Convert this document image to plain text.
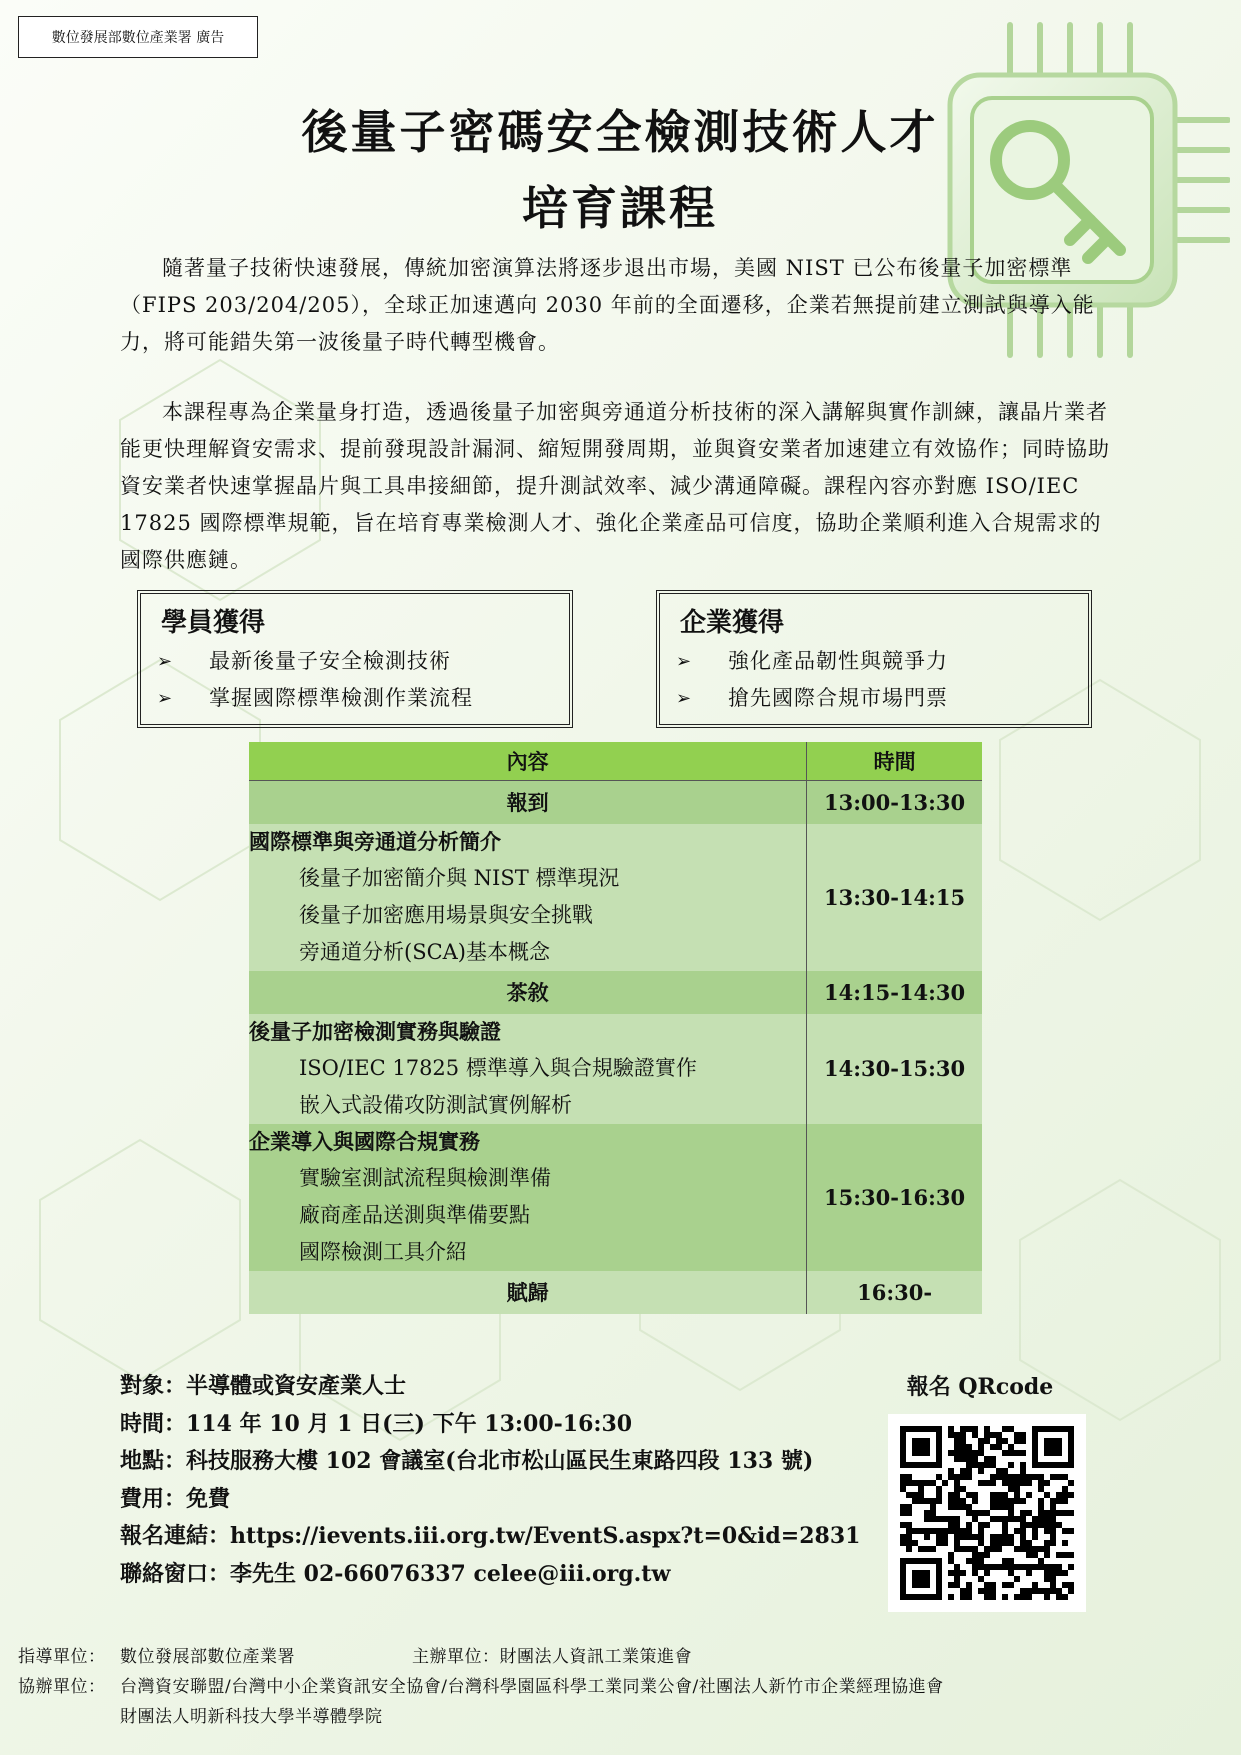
數位發展部數位產業署 廣告
後量子密碼安全檢測技術人才
培育課程

隨著量子技術快速發展，傳統加密演算法將逐步退出市場，美國 NIST 已公布後量子加密標準（FIPS 203/204/205），全球正加速邁向 2030 年前的全面遷移，企業若無提前建立測試與導入能力，將可能錯失第一波後量子時代轉型機會。

本課程專為企業量身打造，透過後量子加密與旁通道分析技術的深入講解與實作訓練，讓晶片業者能更快理解資安需求、提前發現設計漏洞、縮短開發周期，並與資安業者加速建立有效協作；同時協助資安業者快速掌握晶片與工具串接細節，提升測試效率、減少溝通障礙。課程內容亦對應 ISO/IEC 17825 國際標準規範，旨在培育專業檢測人才、強化企業產品可信度，協助企業順利進入合規需求的國際供應鏈。

學員獲得
➢	最新後量子安全檢測技術
➢	掌握國際標準檢測作業流程
企業獲得
➢	強化產品韌性與競爭力
➢	搶先國際合規市場門票
內容	時間
報到	13:00-13:30

國際標準與旁通道分析簡介
後量子加密簡介與 NIST 標準現況
後量子加密應用場景與安全挑戰
旁通道分析(SCA)基本概念	13:30-14:15
茶敘	14:15-14:30

後量子加密檢測實務與驗證
ISO/IEC 17825 標準導入與合規驗證實作
嵌入式設備攻防測試實例解析	14:30-15:30

企業導入與國際合規實務
實驗室測試流程與檢測準備
廠商產品送測與準備要點
國際檢測工具介紹	15:30-16:30
賦歸	16:30-
對象：半導體或資安產業人士
時間：114 年 10 月 1 日(三) 下午 13:00-16:30
地點：科技服務大樓 102 會議室(台北市松山區民生東路四段 133 號)
費用：免費
報名連結：https://ievents.iii.org.tw/EventS.aspx?t=0&id=2831
聯絡窗口：李先生 02-66076337 celee@iii.org.tw
報名 QRcode
指導單位： 數位發展部數位產業署	主辦單位： 財團法人資訊工業策進會
協辦單位： 台灣資安聯盟/台灣中小企業資訊安全協會/台灣科學園區科學工業同業公會/社團法人新竹市企業經理協進會
財團法人明新科技大學半導體學院
